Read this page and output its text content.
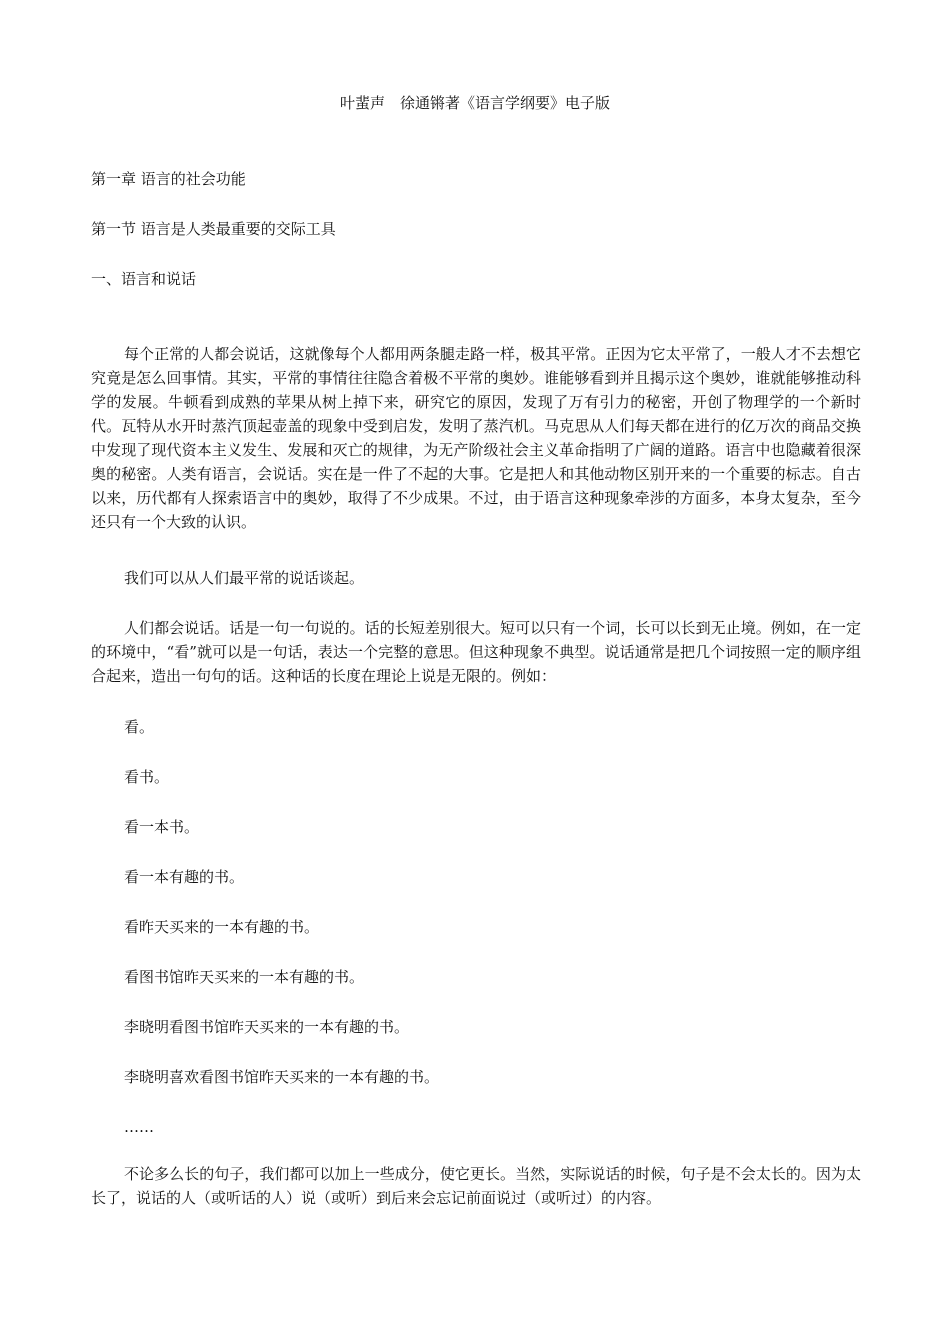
叶蜚声　徐通锵著《语言学纲要》电子版
第一章 语言的社会功能
第一节 语言是人类最重要的交际工具
一、语言和说话

每个正常的人都会说话，这就像每个人都用两条腿走路一样，极其平常。正因为它太平常了，一般人才不去想它究竟是怎么回事情。其实，平常的事情往往隐含着极不平常的奥妙。谁能够看到并且揭示这个奥妙，谁就能够推动科学的发展。牛顿看到成熟的苹果从树上掉下来，研究它的原因，发现了万有引力的秘密，开创了物理学的一个新时代。瓦特从水开时蒸汽顶起壶盖的现象中受到启发，发明了蒸汽机。马克思从人们每天都在进行的亿万次的商品交换中发现了现代资本主义发生、发展和灭亡的规律，为无产阶级社会主义革命指明了广阔的道路。语言中也隐藏着很深奥的秘密。人类有语言，会说话。实在是一件了不起的大事。它是把人和其他动物区别开来的一个重要的标志。自古以来，历代都有人探索语言中的奥妙，取得了不少成果。不过，由于语言这种现象牵涉的方面多，本身太复杂，至今还只有一个大致的认识。

我们可以从人们最平常的说话谈起。

人们都会说话。话是一句一句说的。话的长短差别很大。短可以只有一个词，长可以长到无止境。例如，在一定的环境中，“看”就可以是一句话，表达一个完整的意思。但这种现象不典型。说话通常是把几个词按照一定的顺序组合起来，造出一句句的话。这种话的长度在理论上说是无限的。例如：

看。
看书。
看一本书。
看一本有趣的书。
看昨天买来的一本有趣的书。
看图书馆昨天买来的一本有趣的书。
李晓明看图书馆昨天买来的一本有趣的书。
李晓明喜欢看图书馆昨天买来的一本有趣的书。
……

不论多么长的句子，我们都可以加上一些成分，使它更长。当然，实际说话的时候，句子是不会太长的。因为太长了，说话的人（或听话的人）说（或听）到后来会忘记前面说过（或听过）的内容。
